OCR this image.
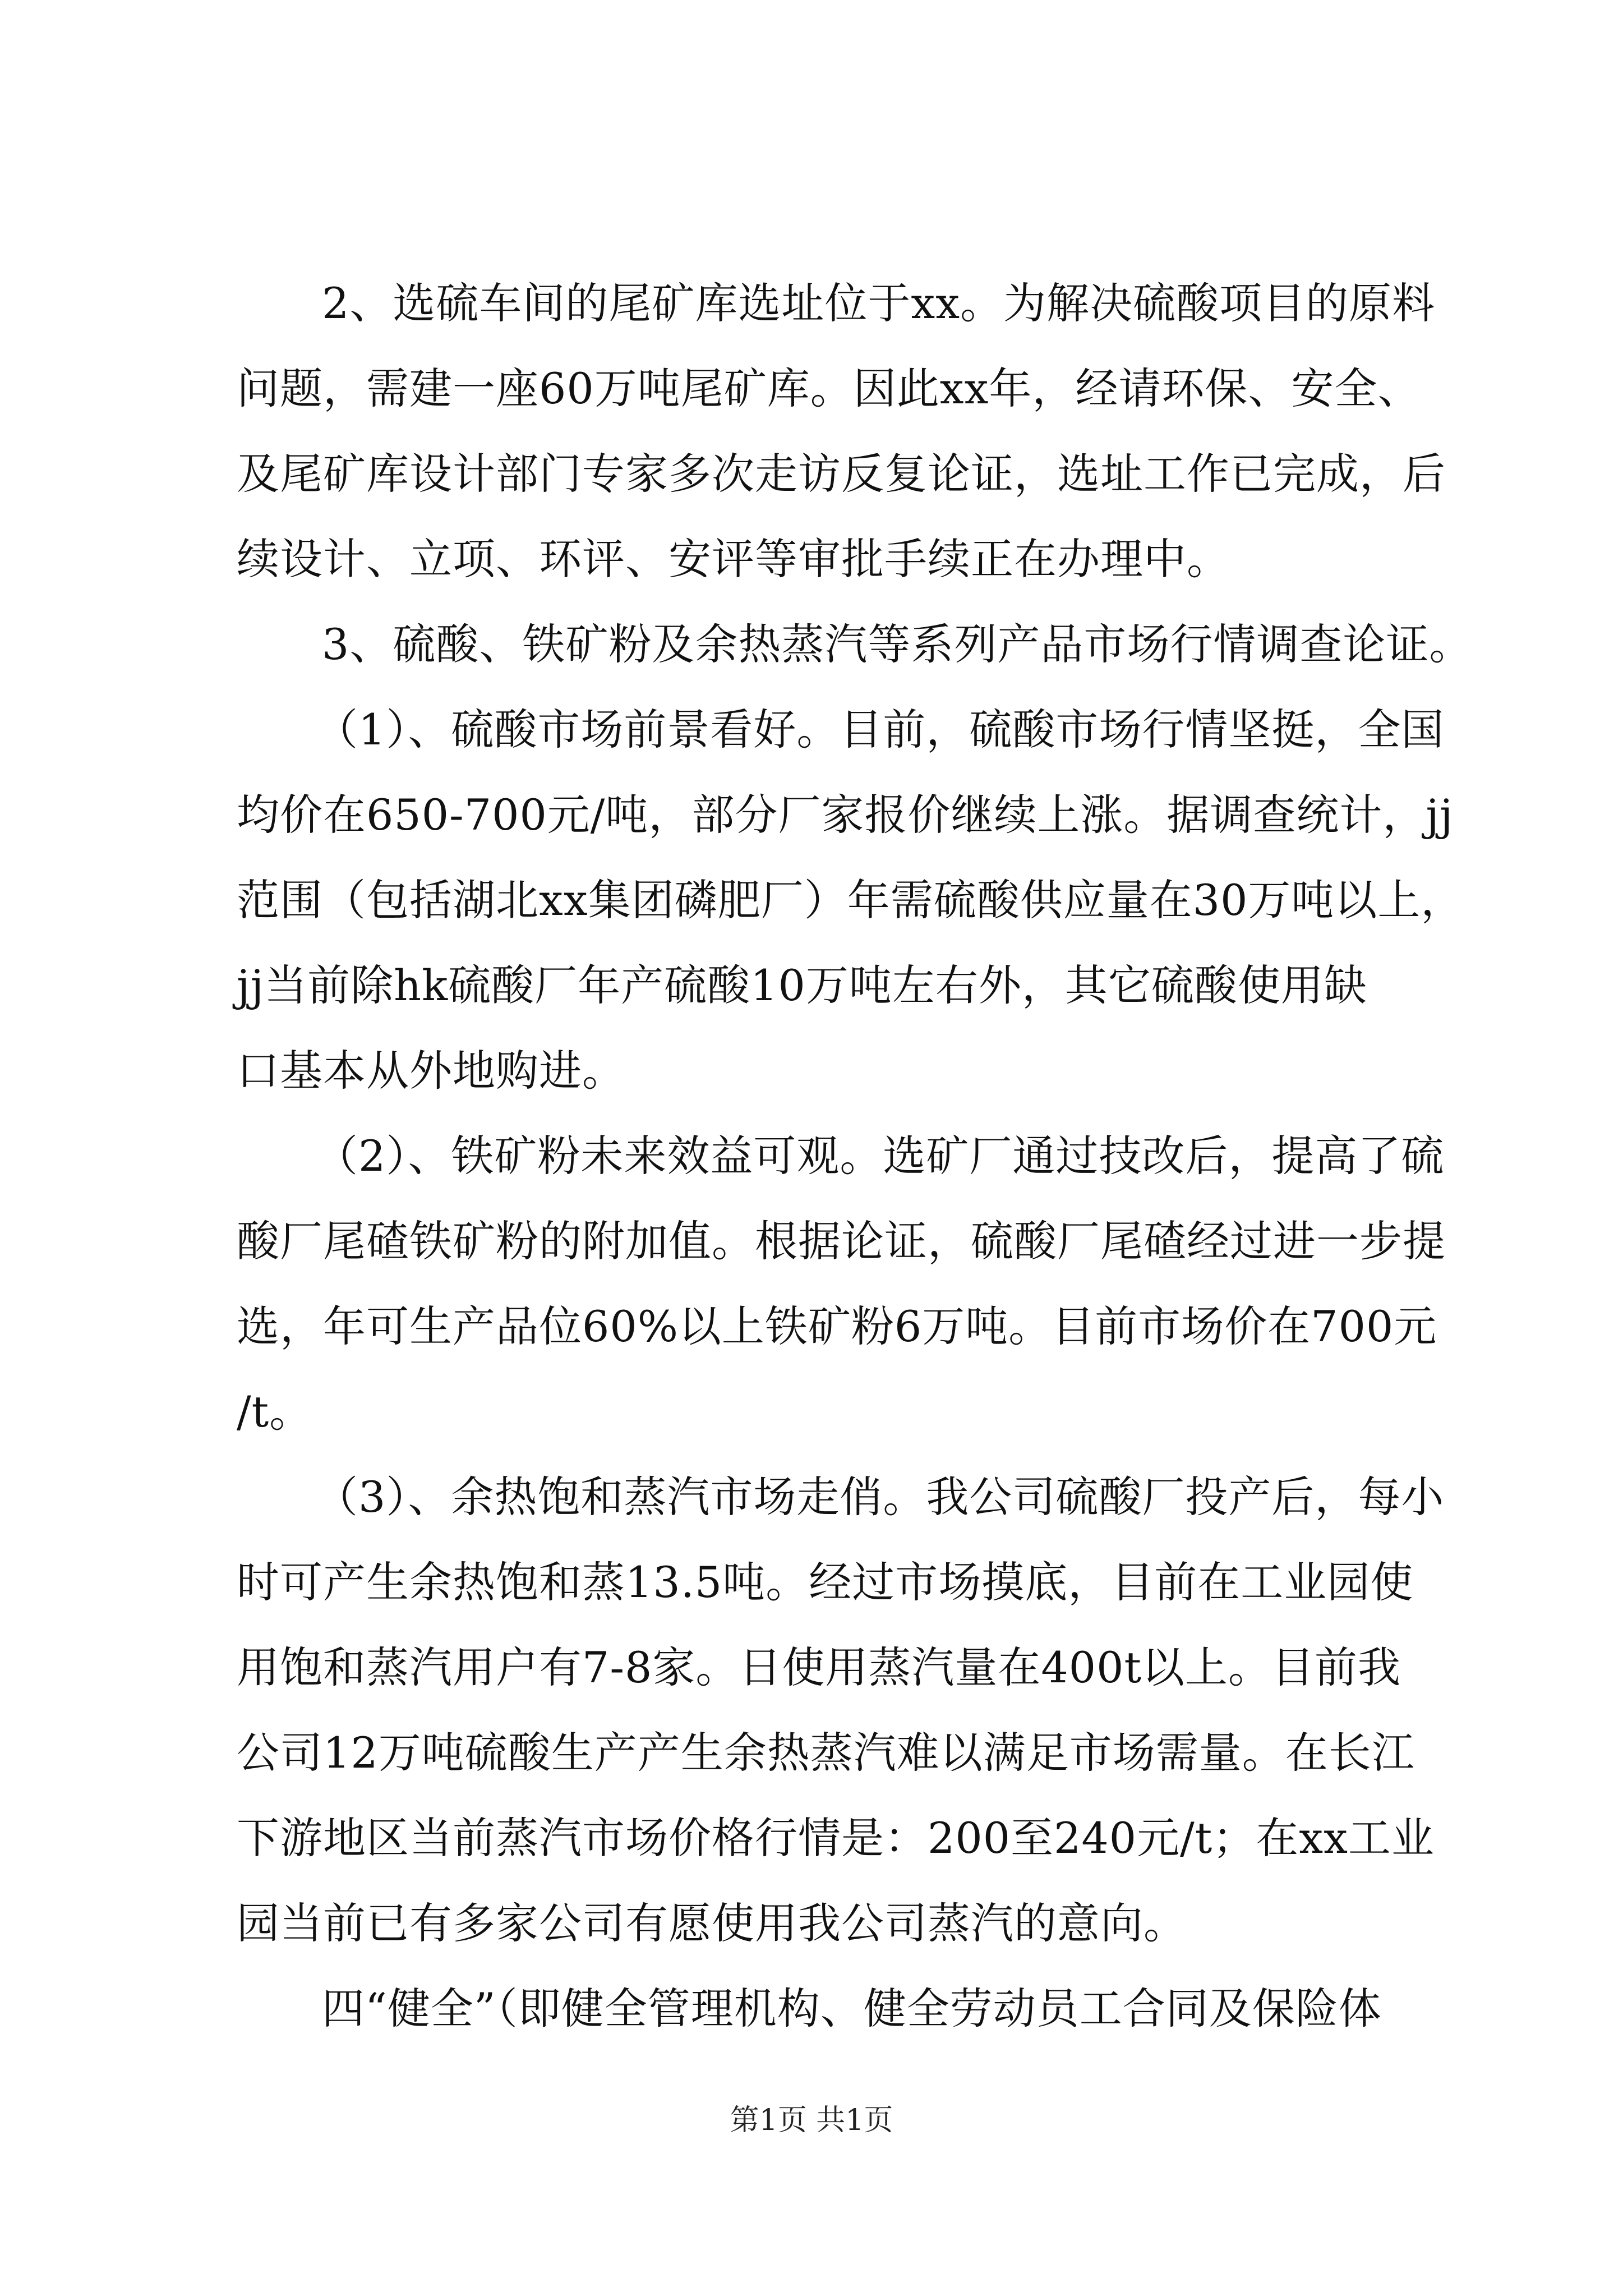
2、选硫车间的尾矿库选址位于xx。为解决硫酸项目的原料
问题，需建一座60万吨尾矿库。因此xx年，经请环保、安全、
及尾矿库设计部门专家多次走访反复论证，选址工作已完成，后
续设计、立项、环评、安评等审批手续正在办理中。
3、硫酸、铁矿粉及余热蒸汽等系列产品市场行情调查论证。
（1）、硫酸市场前景看好。目前，硫酸市场行情坚挺，全国
均价在650-700元/吨，部分厂家报价继续上涨。据调查统计，jj
范围（包括湖北xx集团磷肥厂）年需硫酸供应量在30万吨以上，
jj当前除hk硫酸厂年产硫酸10万吨左右外，其它硫酸使用缺
口基本从外地购进。
（2）、铁矿粉未来效益可观。选矿厂通过技改后，提高了硫
酸厂尾碴铁矿粉的附加值。根据论证，硫酸厂尾碴经过进一步提
选，年可生产品位60%以上铁矿粉6万吨。目前市场价在700元
/t。
（3）、余热饱和蒸汽市场走俏。我公司硫酸厂投产后，每小
时可产生余热饱和蒸13.5吨。经过市场摸底，目前在工业园使
用饱和蒸汽用户有7-8家。日使用蒸汽量在400t以上。目前我
公司12万吨硫酸生产产生余热蒸汽难以满足市场需量。在长江
下游地区当前蒸汽市场价格行情是：200至240元/t；在xx工业
园当前已有多家公司有愿使用我公司蒸汽的意向。
四“健全”（即健全管理机构、健全劳动员工合同及保险体
第1页 共1页
